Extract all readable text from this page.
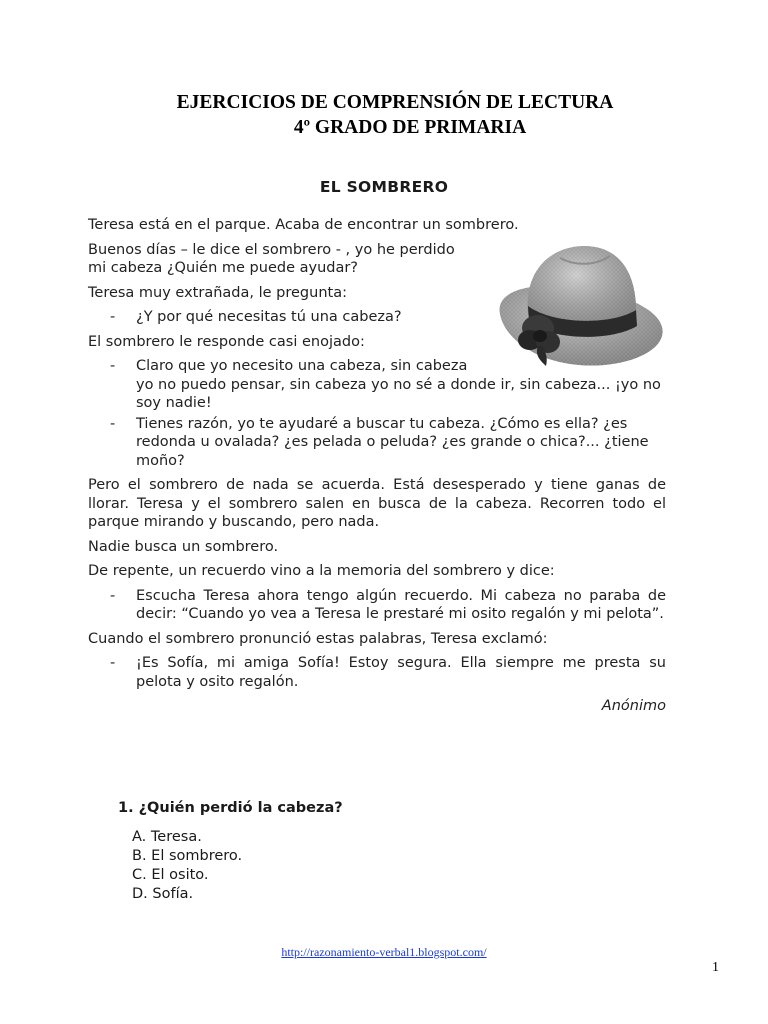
EJERCICIOS DE COMPRENSIÓN DE LECTURA
4º GRADO DE PRIMARIA
EL SOMBRERO

Teresa está en el parque. Acaba de encontrar un sombrero.

Buenos días – le dice el sombrero - , yo he perdido
mi cabeza ¿Quién me puede ayudar?

Teresa muy extrañada, le pregunta:

- ¿Y por qué necesitas tú una cabeza?

El sombrero le responde casi enojado:

- Claro que yo necesito una cabeza, sin cabeza
yo no puedo pensar, sin cabeza yo no sé a donde ir, sin cabeza... ¡yo no soy nadie!
- Tienes razón, yo te ayudaré a buscar tu cabeza. ¿Cómo es ella? ¿es redonda u ovalada? ¿es pelada o peluda? ¿es grande o chica?... ¿tiene moño?

Pero el sombrero de nada se acuerda. Está desesperado y tiene ganas de llorar. Teresa y el sombrero salen en busca de la cabeza. Recorren todo el parque mirando y buscando, pero nada.

Nadie busca un sombrero.

De repente, un recuerdo vino a la memoria del sombrero y dice:

- Escucha Teresa ahora tengo algún recuerdo. Mi cabeza no paraba de decir: “Cuando yo vea a Teresa le prestaré mi osito regalón y mi pelota”.

Cuando el sombrero pronunció estas palabras, Teresa exclamó:

- ¡Es Sofía, mi amiga Sofía! Estoy segura. Ella siempre me presta su pelota y osito regalón.

Anónimo

1. ¿Quién perdió la cabeza?
A. Teresa.
B. El sombrero.
C. El osito.
D. Sofía.
http://razonamiento-verbal1.blogspot.com/
1
